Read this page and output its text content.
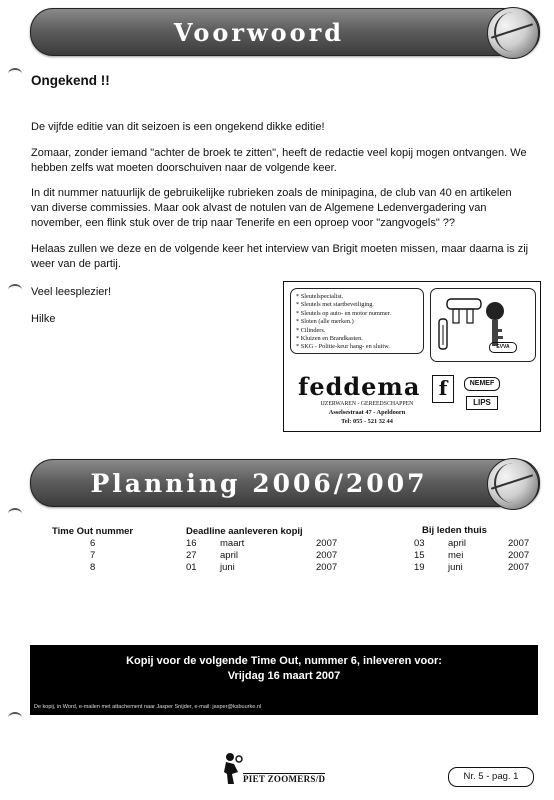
Voorwoord
Ongekend !!
De vijfde editie van dit seizoen is een ongekend dikke editie!
Zomaar, zonder iemand "achter de broek te zitten", heeft de redactie veel kopij mogen ontvangen. We hebben zelfs wat moeten doorschuiven naar de volgende keer.
In dit nummer natuurlijk de gebruikelijke rubrieken zoals de minipagina, de club van 40 en artikelen van diverse commissies. Maar ook alvast de notulen van de Algemene Ledenvergadering van november, een flink stuk over de trip naar Tenerife en een oproep voor "zangvogels" ??
Helaas zullen we deze en de volgende keer het interview van Brigit moeten missen, maar daarna is zij weer van de partij.
Veel leesplezier!
Hilke
* Sleutelspecialist.
* Sleutels met startbeveiliging.
* Sleutels op auto- en motor nummer.
* Sloten (alle merken.)
* Cilinders.
* Kluizen en Brandkasten.
* SKG - Politie-keur hang- en sluitw.	EVVA
feddema f
IJZERWAREN - GEREEDSCHAPPEN
Asselsestraat 47 - Apeldoorn
Tel: 055 - 521 32 44
NEMEF
LIPS
Planning 2006/2007
Time Out nummer	Deadline aanleveren kopij			Bij leden thuis		
6	16	maart	2007	03	april	2007
7	27	april	2007	15	mei	2007
8	01	juni	2007	19	juni	2007
Kopij voor de volgende Time Out, nummer 6, inleveren voor:
Vrijdag 16 maart 2007
De kopij, in Word, e-mailen met attachement naar Jasper Snijder, e-mail: jasper@ksbuurke.nl
PIET ZOOMERS/D	Nr. 5 - pag. 1
